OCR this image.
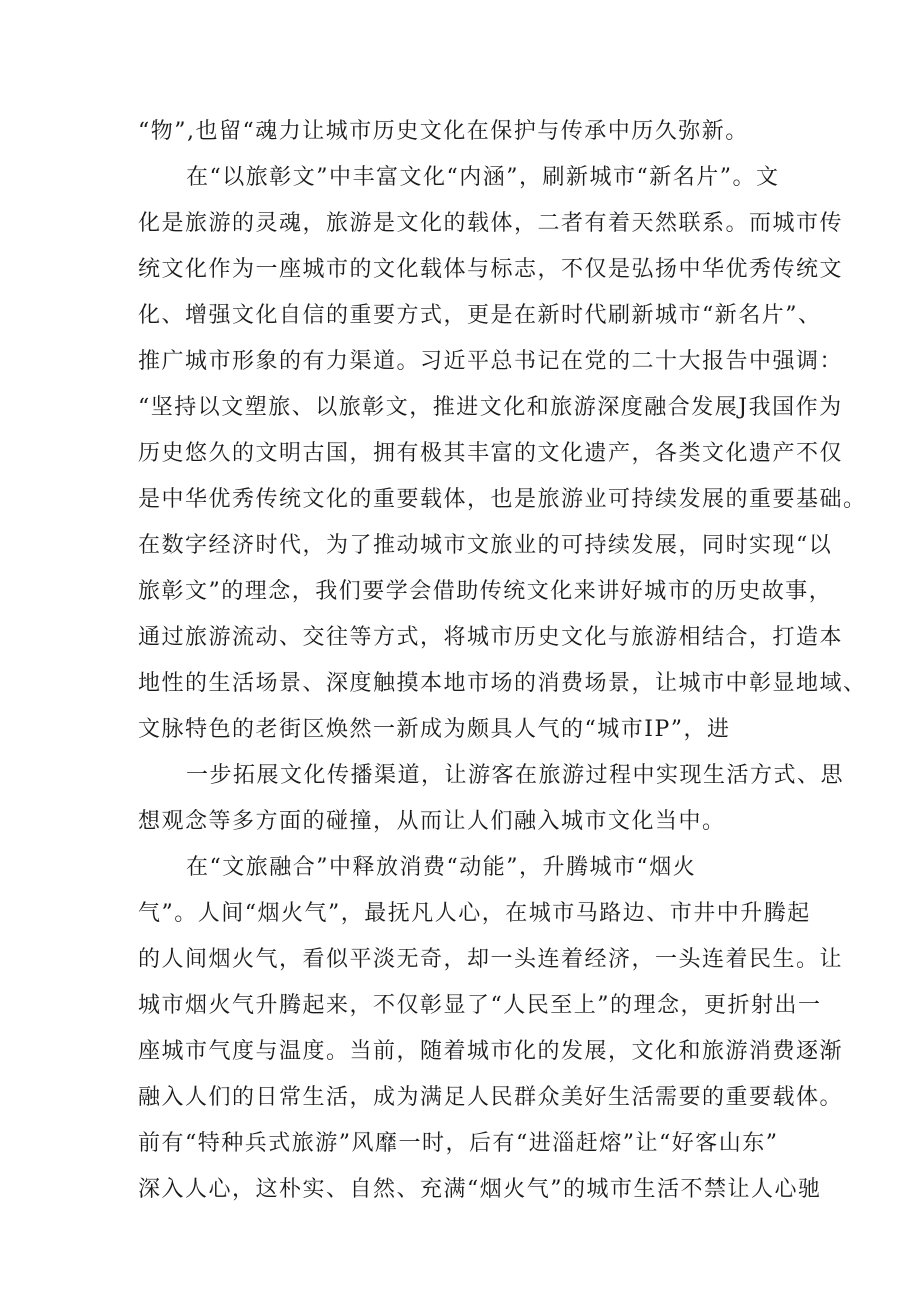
“物”,也留“魂力让城市历史文化在保护与传承中历久弥新。
在“以旅彰文”中丰富文化“内涵”，刷新城市“新名片”。文
化是旅游的灵魂，旅游是文化的载体，二者有着天然联系。而城市传
统文化作为一座城市的文化载体与标志，不仅是弘扬中华优秀传统文
化、增强文化自信的重要方式，更是在新时代刷新城市“新名片”、
推广城市形象的有力渠道。习近平总书记在党的二十大报告中强调：
“坚持以文塑旅、以旅彰文，推进文化和旅游深度融合发展J我国作为
历史悠久的文明古国，拥有极其丰富的文化遗产，各类文化遗产不仅
是中华优秀传统文化的重要载体，也是旅游业可持续发展的重要基础。
在数字经济时代，为了推动城市文旅业的可持续发展，同时实现“以
旅彰文”的理念，我们要学会借助传统文化来讲好城市的历史故事，
通过旅游流动、交往等方式，将城市历史文化与旅游相结合，打造本
地性的生活场景、深度触摸本地市场的消费场景，让城市中彰显地域、
文脉特色的老街区焕然一新成为颇具人气的“城市IP”，进
一步拓展文化传播渠道，让游客在旅游过程中实现生活方式、思
想观念等多方面的碰撞，从而让人们融入城市文化当中。
在“文旅融合”中释放消费“动能”，升腾城市“烟火
气”。人间“烟火气”，最抚凡人心，在城市马路边、市井中升腾起
的人间烟火气，看似平淡无奇，却一头连着经济，一头连着民生。让
城市烟火气升腾起来，不仅彰显了“人民至上”的理念，更折射出一
座城市气度与温度。当前，随着城市化的发展，文化和旅游消费逐渐
融入人们的日常生活，成为满足人民群众美好生活需要的重要载体。
前有“特种兵式旅游”风靡一时，后有“进淄赶熔”让“好客山东”
深入人心，这朴实、自然、充满“烟火气”的城市生活不禁让人心驰
